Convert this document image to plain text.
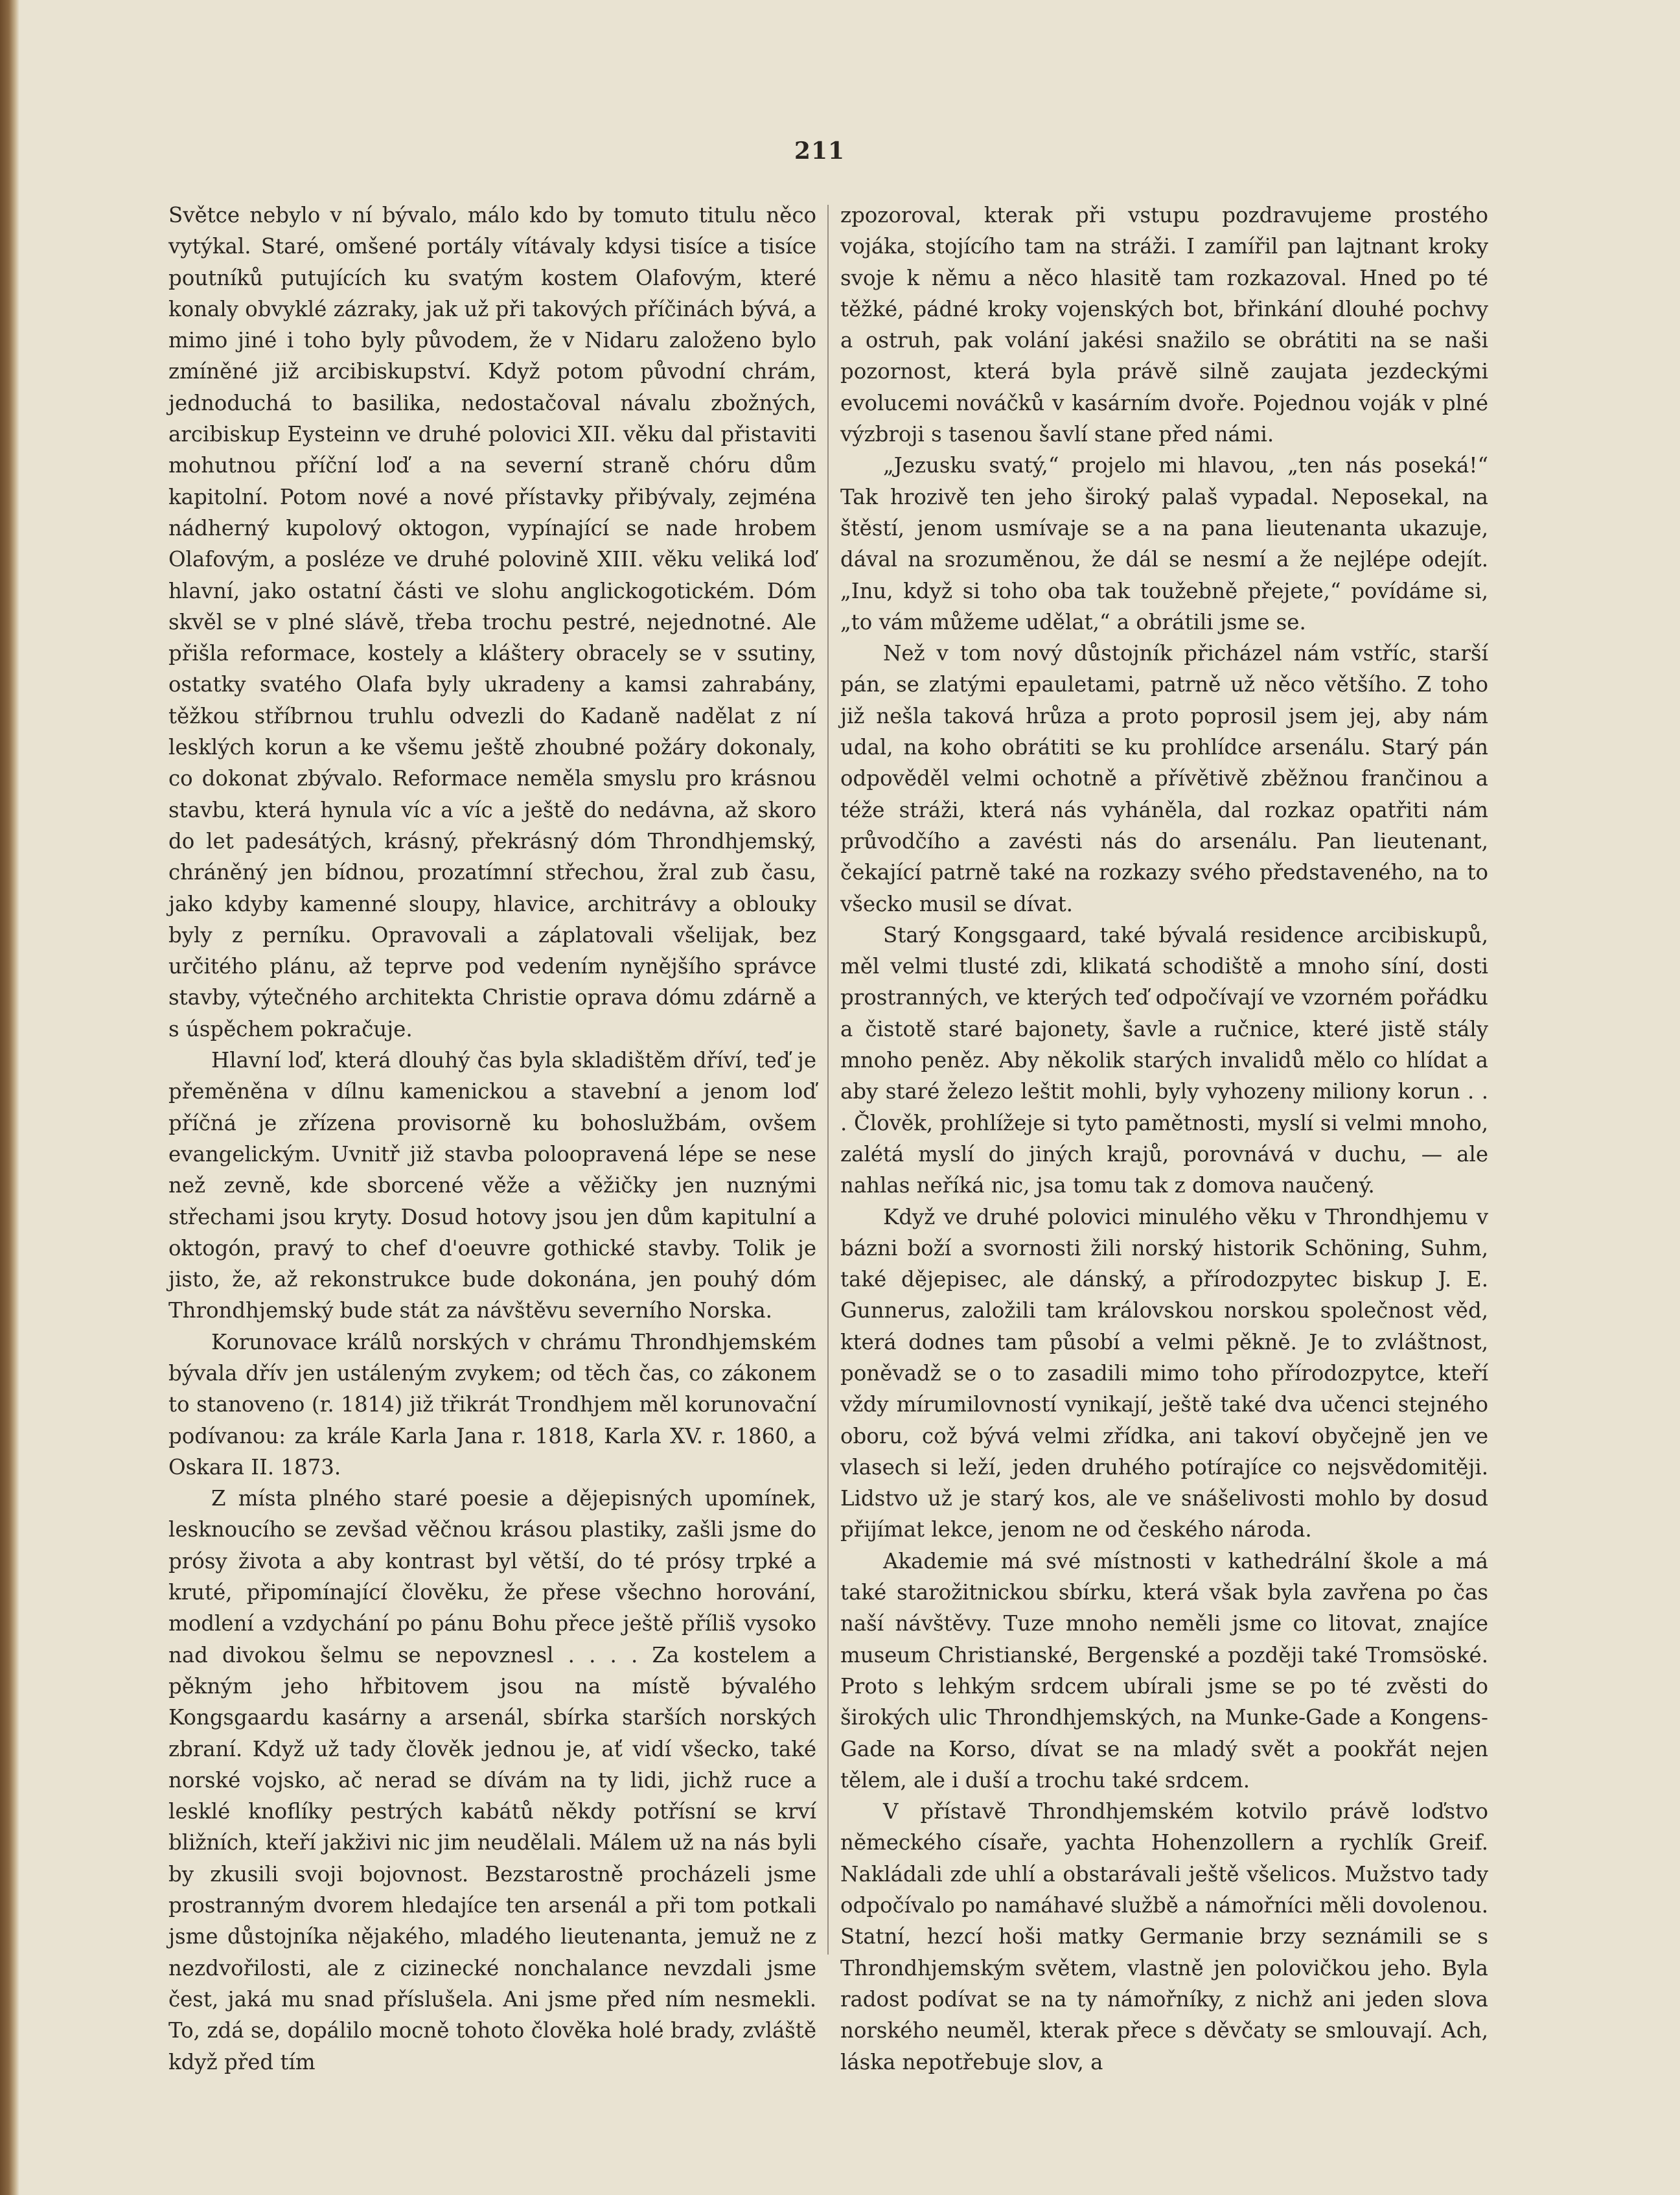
211

Světce nebylo v ní bývalo, málo kdo by tomuto titulu něco vytýkal. Staré, omšené portály vítávaly kdysi tisíce a tisíce poutníků putujících ku svatým kostem Olafovým, které konaly obvyklé zázraky, jak už při takových příčinách bývá, a mimo jiné i toho byly původem, že v Nidaru založeno bylo zmíněné již arcibiskupství. Když potom původní chrám, jednoduchá to basilika, nedostačoval návalu zbožných, arcibiskup Eysteinn ve druhé polovici XII. věku dal přistaviti mohutnou příční loď a na severní straně chóru dům kapitolní. Potom nové a nové přístavky přibývaly, zejména nádherný kupolový oktogon, vypínající se nade hrobem Olafovým, a posléze ve druhé polovině XIII. věku veliká loď hlavní, jako ostatní části ve slohu anglickogotickém. Dóm skvěl se v plné slávě, třeba trochu pestré, nejednotné. Ale přišla reformace, kostely a kláštery obracely se v ssutiny, ostatky svatého Olafa byly ukradeny a kamsi zahrabány, těžkou stříbrnou truhlu odvezli do Kadaně nadělat z ní lesklých korun a ke všemu ještě zhoubné požáry dokonaly, co dokonat zbývalo. Reformace neměla smyslu pro krásnou stavbu, která hynula víc a víc a ještě do nedávna, až skoro do let padesátých, krásný, překrásný dóm Throndhjemský, chráněný jen bídnou, prozatímní střechou, žral zub času, jako kdyby kamenné sloupy, hlavice, architrávy a oblouky byly z perníku. Opravovali a záplatovali všelijak, bez určitého plánu, až teprve pod vedením nynějšího správce stavby, výtečného architekta Christie oprava dómu zdárně a s úspěchem pokračuje.

Hlavní loď, která dlouhý čas byla skladištěm dříví, teď je přeměněna v dílnu kamenickou a stavební a jenom loď příčná je zřízena provisorně ku bohoslužbám, ovšem evangelickým. Uvnitř již stavba poloopravená lépe se nese než zevně, kde sborcené věže a věžičky jen nuznými střechami jsou kryty. Dosud hotovy jsou jen dům kapitulní a oktogón, pravý to chef d'oeuvre gothické stavby. Tolik je jisto, že, až rekonstrukce bude dokonána, jen pouhý dóm Throndhjemský bude stát za návštěvu severního Norska.

Korunovace králů norských v chrámu Throndhjemském bývala dřív jen ustáleným zvykem; od těch čas, co zákonem to stanoveno (r. 1814) již třikrát Trondhjem měl korunovační podívanou: za krále Karla Jana r. 1818, Karla XV. r. 1860, a Oskara II. 1873.

Z místa plného staré poesie a dějepisných upomínek, lesknoucího se zevšad věčnou krásou plastiky, zašli jsme do prósy života a aby kontrast byl větší, do té prósy trpké a kruté, připomínající člověku, že přese všechno horování, modlení a vzdychání po pánu Bohu přece ještě příliš vysoko nad divokou šelmu se nepovznesl . . . . Za kostelem a pěkným jeho hřbitovem jsou na místě bývalého Kongsgaardu kasárny a arsenál, sbírka starších norských zbraní. Když už tady člověk jednou je, ať vidí všecko, také norské vojsko, ač nerad se dívám na ty lidi, jichž ruce a lesklé knoflíky pestrých kabátů někdy potřísní se krví bližních, kteří jakživi nic jim neudělali. Málem už na nás byli by zkusili svoji bojovnost. Bezstarostně procházeli jsme prostranným dvorem hledajíce ten arsenál a při tom potkali jsme důstojníka nějakého, mladého lieutenanta, jemuž ne z nezdvořilosti, ale z cizinecké nonchalance nevzdali jsme čest, jaká mu snad příslušela. Ani jsme před ním nesmekli. To, zdá se, dopálilo mocně tohoto člověka holé brady, zvláště když před tím

zpozoroval, kterak při vstupu pozdravujeme prostého vojáka, stojícího tam na stráži. I zamířil pan lajtnant kroky svoje k němu a něco hlasitě tam rozkazoval. Hned po té těžké, pádné kroky vojenských bot, břinkání dlouhé pochvy a ostruh, pak volání jakési snažilo se obrátiti na se naši pozornost, která byla právě silně zaujata jezdeckými evolucemi nováčků v kasárním dvoře. Pojednou voják v plné výzbroji s tasenou šavlí stane před námi.

„Jezusku svatý,“ projelo mi hlavou, „ten nás poseká!“ Tak hrozivě ten jeho široký palaš vypadal. Neposekal, na štěstí, jenom usmívaje se a na pana lieutenanta ukazuje, dával na srozuměnou, že dál se nesmí a že nejlépe odejít. „Inu, když si toho oba tak toužebně přejete,“ povídáme si, „to vám můžeme udělat,“ a obrátili jsme se.

Než v tom nový důstojník přicházel nám vstříc, starší pán, se zlatými epauletami, patrně už něco většího. Z toho již nešla taková hrůza a proto poprosil jsem jej, aby nám udal, na koho obrátiti se ku prohlídce arsenálu. Starý pán odpověděl velmi ochotně a přívětivě zběžnou frančinou a téže stráži, která nás vyháněla, dal rozkaz opatřiti nám průvodčího a zavésti nás do arsenálu. Pan lieutenant, čekající patrně také na rozkazy svého představeného, na to všecko musil se dívat.

Starý Kongsgaard, také bývalá residence arcibiskupů, měl velmi tlusté zdi, klikatá schodiště a mnoho síní, dosti prostranných, ve kterých teď odpočívají ve vzorném pořádku a čistotě staré bajonety, šavle a ručnice, které jistě stály mnoho peněz. Aby několik starých invalidů mělo co hlídat a aby staré železo leštit mohli, byly vyhozeny miliony korun . . . Člověk, prohlížeje si tyto pamětnosti, myslí si velmi mnoho, zalétá myslí do jiných krajů, porovnává v duchu, — ale nahlas neříká nic, jsa tomu tak z domova naučený.

Když ve druhé polovici minulého věku v Throndhjemu v bázni boží a svornosti žili norský historik Schöning, Suhm, také dějepisec, ale dánský, a přírodozpytec biskup J. E. Gunnerus, založili tam královskou norskou společnost věd, která dodnes tam působí a velmi pěkně. Je to zvláštnost, poněvadž se o to zasadili mimo toho přírodozpytce, kteří vždy mírumilovností vynikají, ještě také dva učenci stejného oboru, což bývá velmi zřídka, ani takoví obyčejně jen ve vlasech si leží, jeden druhého potírajíce co nejsvědomitěji. Lidstvo už je starý kos, ale ve snášelivosti mohlo by dosud přijímat lekce, jenom ne od českého národa.

Akademie má své místnosti v kathedrální škole a má také starožitnickou sbírku, která však byla zavřena po čas naší návštěvy. Tuze mnoho neměli jsme co litovat, znajíce museum Christianské, Bergenské a později také Tromsöské. Proto s lehkým srdcem ubírali jsme se po té zvěsti do širokých ulic Throndhjemských, na Munke-Gade a Kongens-Gade na Korso, dívat se na mladý svět a pookřát nejen tělem, ale i duší a trochu také srdcem.

V přístavě Throndhjemském kotvilo právě loďstvo německého císaře, yachta Hohenzollern a rychlík Greif. Nakládali zde uhlí a obstarávali ještě všelicos. Mužstvo tady odpočívalo po namáhavé službě a námořníci měli dovolenou. Statní, hezcí hoši matky Germanie brzy seznámili se s Throndhjemským světem, vlastně jen polovičkou jeho. Byla radost podívat se na ty námořníky, z nichž ani jeden slova norského neuměl, kterak přece s děvčaty se smlouvají. Ach, láska nepotřebuje slov, a
